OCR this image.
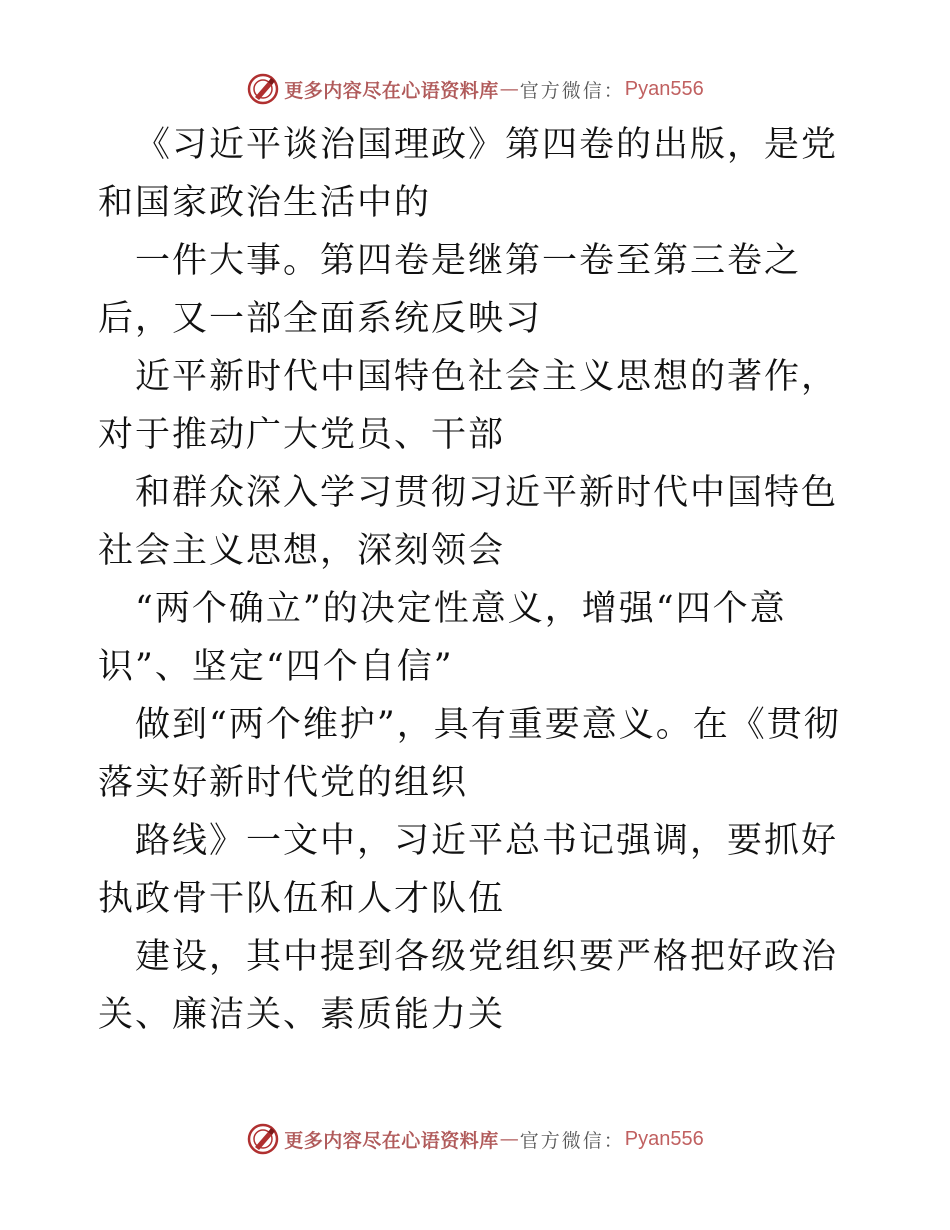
更多内容尽在心语资料库 — 官方微信： Pyan556

《习近平谈治国理政》第四卷的出版，是党和国家政治生活中的

一件大事。第四卷是继第一卷至第三卷之后，又一部全面系统反映习

近平新时代中国特色社会主义思想的著作，对于推动广大党员、干部

和群众深入学习贯彻习近平新时代中国特色社会主义思想，深刻领会

“两个确立”的决定性意义，增强“四个意识”、坚定“四个自信”

做到“两个维护”，具有重要意义。在《贯彻落实好新时代党的组织

路线》一文中，习近平总书记强调，要抓好执政骨干队伍和人才队伍

建设，其中提到各级党组织要严格把好政治关、廉洁关、素质能力关

更多内容尽在心语资料库 — 官方微信： Pyan556
